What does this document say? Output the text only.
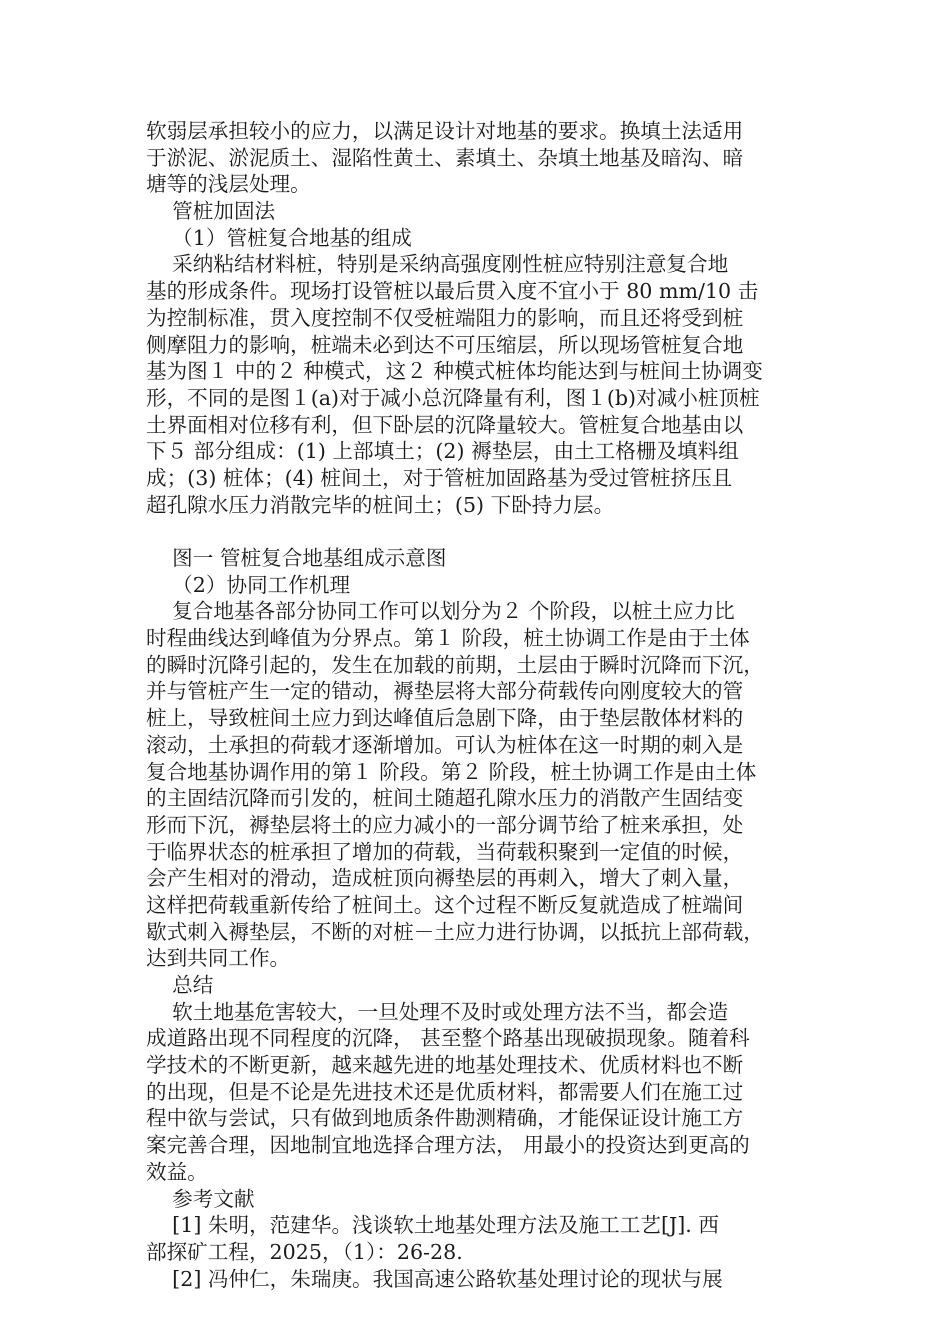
软弱层承担较小的应力，以满足设计对地基的要求。换填土法适用
于淤泥、淤泥质土、湿陷性黄土、素填土、杂填土地基及暗沟、暗
塘等的浅层处理。
管桩加固法
（1）管桩复合地基的组成
采纳粘结材料桩，特别是采纳高强度刚性桩应特别注意复合地
基的形成条件。现场打设管桩以最后贯入度不宜小于 80 mm/10 击
为控制标准，贯入度控制不仅受桩端阻力的影响，而且还将受到桩
侧摩阻力的影响，桩端未必到达不可压缩层，所以现场管桩复合地
基为图１ 中的２ 种模式，这２ 种模式桩体均能达到与桩间土协调变
形，不同的是图１(a)对于减小总沉降量有利，图１(b)对减小桩顶桩
土界面相对位移有利，但下卧层的沉降量较大。管桩复合地基由以
下５ 部分组成：(1) 上部填土；(2) 褥垫层，由土工格栅及填料组
成；(3) 桩体；(4) 桩间土，对于管桩加固路基为受过管桩挤压且
超孔隙水压力消散完毕的桩间土；(5) 下卧持力层。
图一 管桩复合地基组成示意图
（2）协同工作机理
复合地基各部分协同工作可以划分为２ 个阶段，以桩土应力比
时程曲线达到峰值为分界点。第１ 阶段，桩土协调工作是由于土体
的瞬时沉降引起的，发生在加载的前期，土层由于瞬时沉降而下沉，
并与管桩产生一定的错动，褥垫层将大部分荷载传向刚度较大的管
桩上，导致桩间土应力到达峰值后急剧下降，由于垫层散体材料的
滚动，土承担的荷载才逐渐增加。可认为桩体在这一时期的刺入是
复合地基协调作用的第１ 阶段。第２ 阶段，桩土协调工作是由土体
的主固结沉降而引发的，桩间土随超孔隙水压力的消散产生固结变
形而下沉，褥垫层将土的应力减小的一部分调节给了桩来承担，处
于临界状态的桩承担了增加的荷载，当荷载积聚到一定值的时候，
会产生相对的滑动，造成桩顶向褥垫层的再刺入，增大了刺入量，
这样把荷载重新传给了桩间土。这个过程不断反复就造成了桩端间
歇式刺入褥垫层，不断的对桩－土应力进行协调，以抵抗上部荷载，
达到共同工作。
总结
软土地基危害较大，一旦处理不及时或处理方法不当，都会造
成道路出现不同程度的沉降， 甚至整个路基出现破损现象。随着科
学技术的不断更新，越来越先进的地基处理技术、优质材料也不断
的出现，但是不论是先进技术还是优质材料，都需要人们在施工过
程中欲与尝试，只有做到地质条件勘测精确，才能保证设计施工方
案完善合理，因地制宜地选择合理方法， 用最小的投资达到更高的
效益。
参考文献
[1] 朱明，范建华。浅谈软土地基处理方法及施工工艺[J]. 西
部探矿工程，2025，（1）：26-28.
[2] 冯仲仁，朱瑞庚。我国高速公路软基处理讨论的现状与展
